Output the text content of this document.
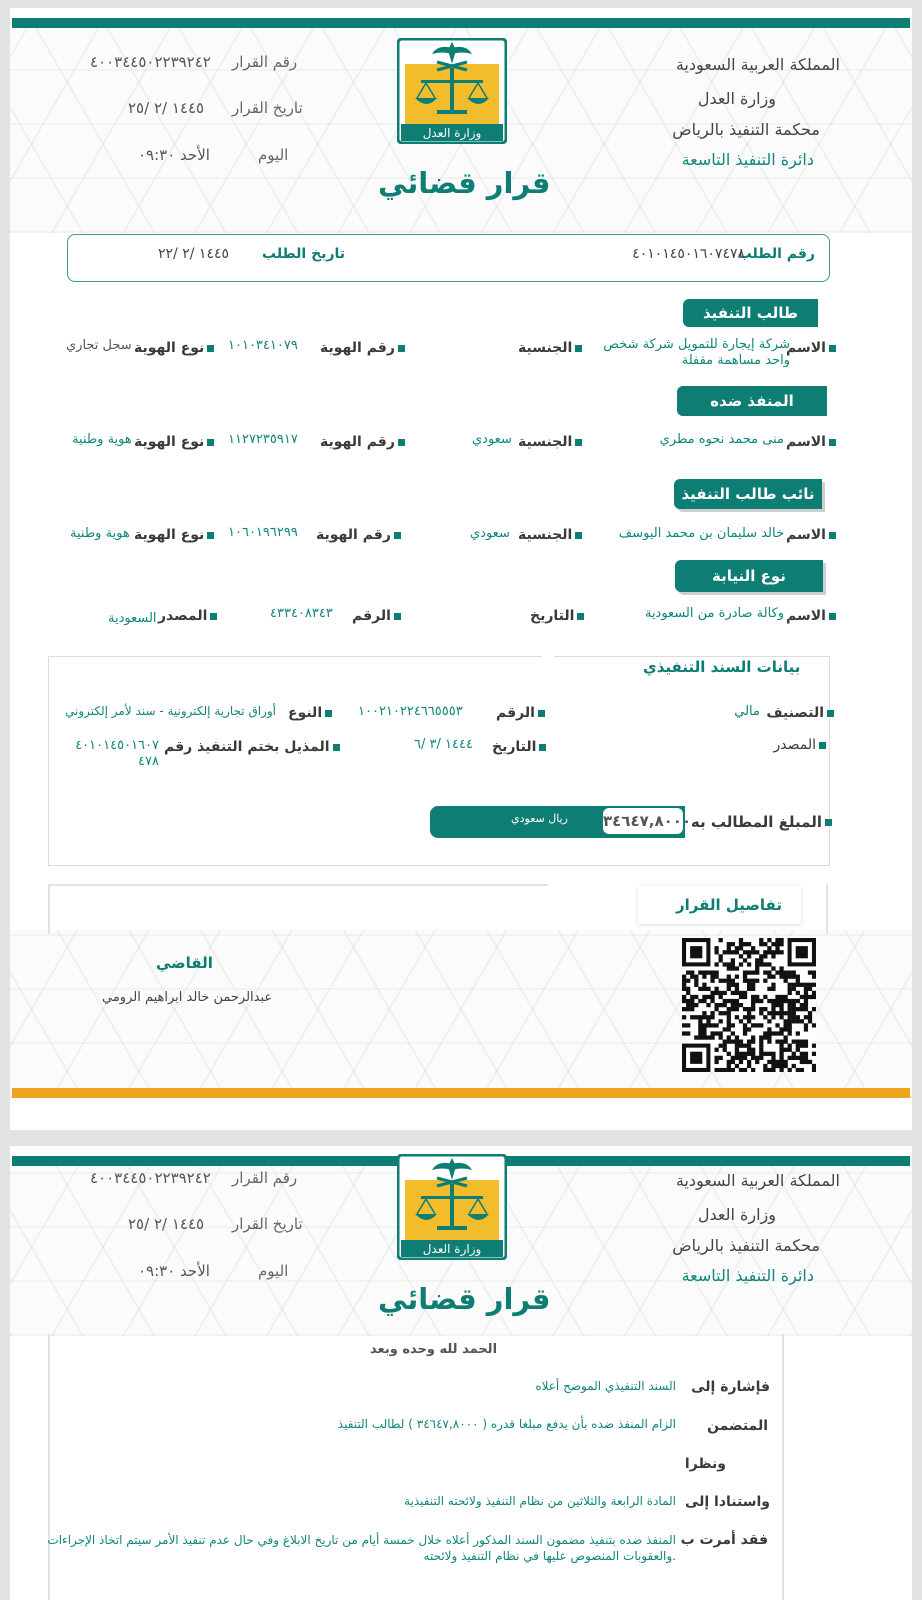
المملكة العربية السعودية
وزارة العدل
محكمة التنفيذ بالرياض
دائرة التنفيذ التاسعة
وزارة العدل
رقم القرار
٤٠٠٣٤٤٥٠٢٢٣٩٢٤٢
تاريخ القرار
١٤٤٥ /٢ /٢٥
اليوم
الأحد ٠٩:٣٠
قرار قضائي
رقم الطلب
٤٠١٠١٤٥٠١٦٠٧٤٧٨
تاريخ الطلب
١٤٤٥ /٢ /٢٢
طالب التنفيذ
الاسم
شركة إيجارة للتمويل شركة شخص
واحد مساهمة مقفلة
الجنسية
رقم الهوية
١٠١٠٣٤١٠٧٩
نوع الهوية
سجل تجاري
المنفذ ضده
الاسم
منى محمد نحوه مطري
الجنسية
سعودي
رقم الهوية
١١٢٧٢٣٥٩١٧
نوع الهوية
هوية وطنية
نائب طالب التنفيذ
الاسم
خالد سليمان بن محمد اليوسف
الجنسية
سعودي
رقم الهوية
١٠٦٠١٩٦٢٩٩
نوع الهوية
هوية وطنية
نوع النيابة
الاسم
وكالة صادرة من السعودية
التاريخ
الرقم
٤٣٣٤٠٨٣٤٣
المصدر
السعودية
بيانات السند التنفيذي
التصنيف
مالي
الرقم
١٠٠٢١٠٢٢٤٦٦٥٥٥٣
النوع
أوراق تجارية إلكترونية - سند لأمر إلكتروني
المصدر
التاريخ
١٤٤٤ /٣ /٦
المذيل بختم التنفيذ رقم
٤٠١٠١٤٥٠١٦٠٧
٤٧٨
المبلغ المطالب به
٣٤٦٤٧,٨٠٠٠
ريال سعودي
تفاصيل القرار
القاضي
عبدالرحمن خالد ابراهيم الرومي
المملكة العربية السعودية
وزارة العدل
محكمة التنفيذ بالرياض
دائرة التنفيذ التاسعة
وزارة العدل
رقم القرار
٤٠٠٣٤٤٥٠٢٢٣٩٢٤٢
تاريخ القرار
١٤٤٥ /٢ /٢٥
اليوم
الأحد ٠٩:٣٠
قرار قضائي
الحمد لله وحده وبعد
فإشارة إلى
السند التنفيذي الموضح أعلاه
المتضمن
الزام المنفذ ضده بأن يدفع مبلغا قدره ( ٣٤٦٤٧,٨٠٠٠ ) لطالب التنفيذ
ونظرا
واستنادا إلى
المادة الرابعة والثلاثين من نظام التنفيذ ولائحته التنفيذية
فقد أمرت ب
المنفذ ضده بتنفيذ مضمون السند المذكور أعلاه خلال خمسة أيام من تاريخ الابلاغ وفي حال عدم تنفيذ الأمر سيتم اتخاذ الإجراءات
والعقوبات المنصوص عليها في نظام التنفيذ ولائحته.
